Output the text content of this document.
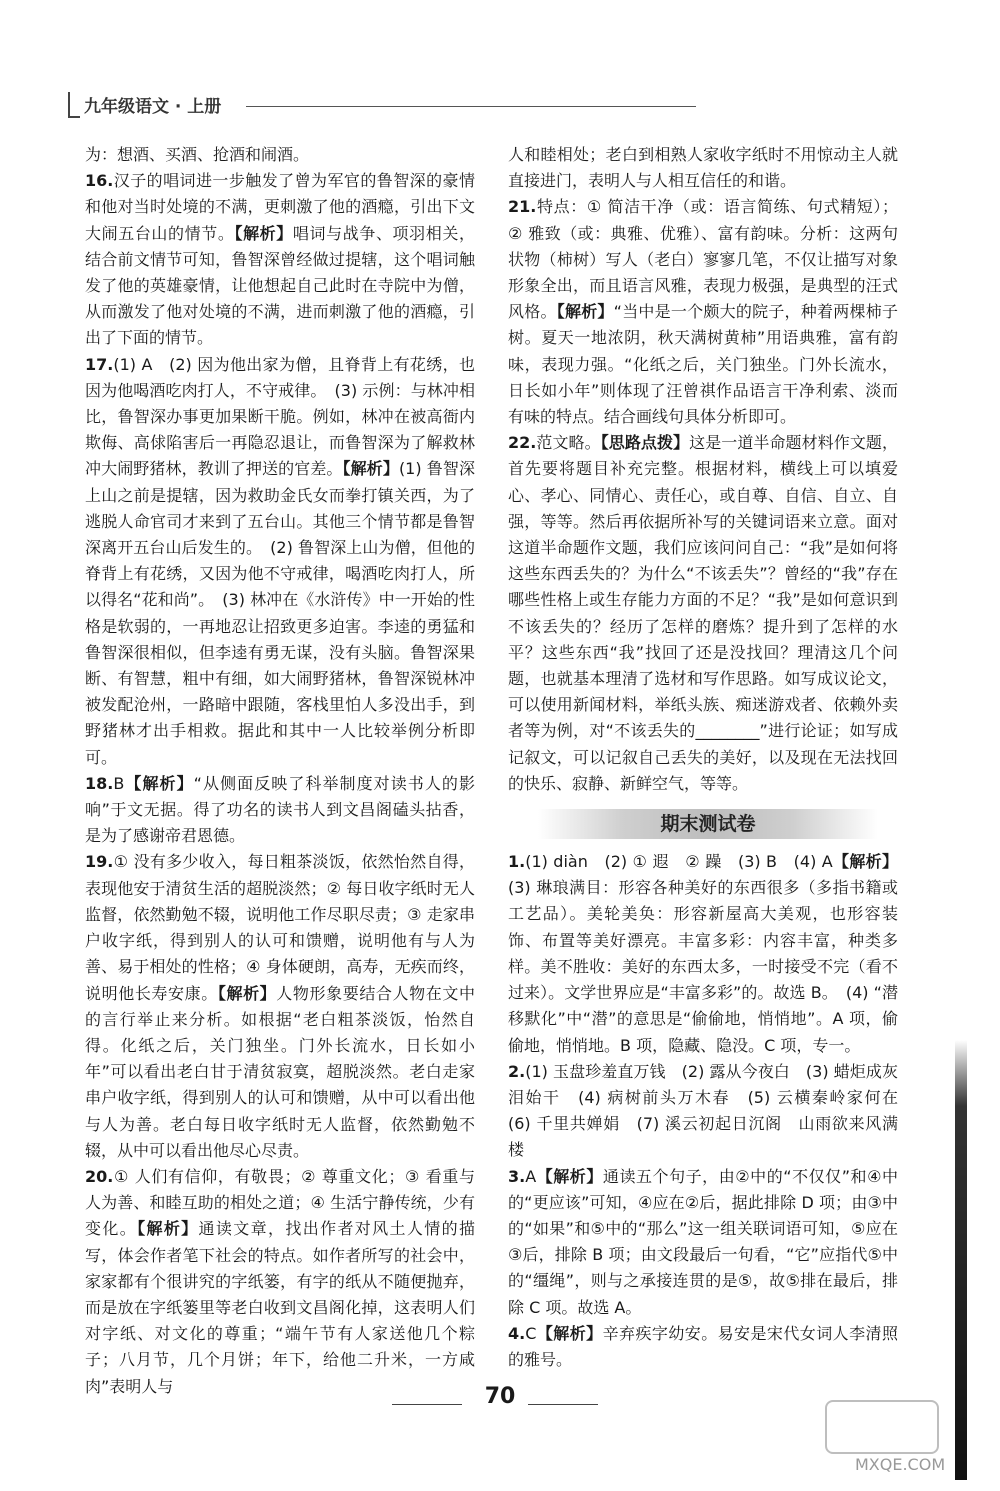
九年级语文 · 上册

为：想酒、买酒、抢酒和闹酒。

16.汉子的唱词进一步触发了曾为军官的鲁智深的豪情和他对当时处境的不满，更刺激了他的酒瘾，引出下文大闹五台山的情节。【解析】唱词与战争、项羽相关，结合前文情节可知，鲁智深曾经做过提辖，这个唱词触发了他的英雄豪情，让他想起自己此时在寺院中为僧，从而激发了他对处境的不满，进而刺激了他的酒瘾，引出了下面的情节。

17.(1) A　(2) 因为他出家为僧，且脊背上有花绣，也因为他喝酒吃肉打人，不守戒律。　(3) 示例：与林冲相比，鲁智深办事更加果断干脆。例如，林冲在被高衙内欺侮、高俅陷害后一再隐忍退让，而鲁智深为了解救林冲大闹野猪林，教训了押送的官差。【解析】(1) 鲁智深上山之前是提辖，因为救助金氏女而拳打镇关西，为了逃脱人命官司才来到了五台山。其他三个情节都是鲁智深离开五台山后发生的。　(2) 鲁智深上山为僧，但他的脊背上有花绣，又因为他不守戒律，喝酒吃肉打人，所以得名“花和尚”。　(3) 林冲在《水浒传》中一开始的性格是软弱的，一再地忍让招致更多迫害。李逵的勇猛和鲁智深很相似，但李逵有勇无谋，没有头脑。鲁智深果断、有智慧，粗中有细，如大闹野猪林，鲁智深锐林冲被发配沧州，一路暗中跟随，客栈里怕人多没出手，到野猪林才出手相救。据此和其中一人比较举例分析即可。

18.B【解析】“从侧面反映了科举制度对读书人的影响”于文无据。得了功名的读书人到文昌阁磕头拈香，是为了感谢帝君恩德。

19.① 没有多少收入，每日粗茶淡饭，依然怡然自得，表现他安于清贫生活的超脱淡然；② 每日收字纸时无人监督，依然勤勉不辍，说明他工作尽职尽责；③ 走家串户收字纸，得到别人的认可和馈赠，说明他有与人为善、易于相处的性格；④ 身体硬朗，高寿，无疾而终，说明他长寿安康。【解析】人物形象要结合人物在文中的言行举止来分析。如根据“老白粗茶淡饭，怡然自得。化纸之后，关门独坐。门外长流水，日长如小年”可以看出老白甘于清贫寂寞，超脱淡然。老白走家串户收字纸，得到别人的认可和馈赠，从中可以看出他与人为善。老白每日收字纸时无人监督，依然勤勉不辍，从中可以看出他尽心尽责。

20.① 人们有信仰，有敬畏；② 尊重文化；③ 看重与人为善、和睦互助的相处之道；④ 生活宁静传统，少有变化。【解析】通读文章，找出作者对风土人情的描写，体会作者笔下社会的特点。如作者所写的社会中，家家都有个很讲究的字纸篓，有字的纸从不随便抛弃，而是放在字纸篓里等老白收到文昌阁化掉，这表明人们对字纸、对文化的尊重；“端午节有人家送他几个粽子；八月节，几个月饼；年下，给他二升米，一方咸肉”表明人与

人和睦相处；老白到相熟人家收字纸时不用惊动主人就直接进门，表明人与人相互信任的和谐。

21.特点：① 简洁干净（或：语言简练、句式精短）；② 雅致（或：典雅、优雅）、富有韵味。分析：这两句状物（柿树）写人（老白）寥寥几笔，不仅让描写对象形象全出，而且语言风雅，表现力极强，是典型的汪式风格。【解析】“当中是一个颇大的院子，种着两棵柿子树。夏天一地浓阴，秋天满树黄柿”用语典雅，富有韵味，表现力强。“化纸之后，关门独坐。门外长流水，日长如小年”则体现了汪曾祺作品语言干净利索、淡而有味的特点。结合画线句具体分析即可。

22.范文略。【思路点拨】这是一道半命题材料作文题，首先要将题目补充完整。根据材料，横线上可以填爱心、孝心、同情心、责任心，或自尊、自信、自立、自强，等等。然后再依据所补写的关键词语来立意。面对这道半命题作文题，我们应该问问自己：“我”是如何将这些东西丢失的？为什么“不该丢失”？曾经的“我”存在哪些性格上或生存能力方面的不足？“我”是如何意识到不该丢失的？经历了怎样的磨炼？提升到了怎样的水平？这些东西“我”找回了还是没找回？理清这几个问题，也就基本理清了选材和写作思路。如写成议论文，可以使用新闻材料，举纸头族、痴迷游戏者、依赖外卖者等为例，对“不该丢失的________”进行论证；如写成记叙文，可以记叙自己丢失的美好，以及现在无法找回的快乐、寂静、新鲜空气，等等。

期末测试卷

1.(1) diàn　(2) ① 遐　② 躁　(3) B　(4) A【解析】(3) 琳琅满目：形容各种美好的东西很多（多指书籍或工艺品）。美轮美奂：形容新屋高大美观，也形容装饰、布置等美好漂亮。丰富多彩：内容丰富，种类多样。美不胜收：美好的东西太多，一时接受不完（看不过来）。文学世界应是“丰富多彩”的。故选 B。　(4) “潜移默化”中“潜”的意思是“偷偷地，悄悄地”。A 项，偷偷地，悄悄地。B 项，隐藏、隐没。C 项，专一。

2.(1) 玉盘珍羞直万钱　(2) 露从今夜白　(3) 蜡炬成灰泪始干　(4) 病树前头万木春　(5) 云横秦岭家何在　(6) 千里共婵娟　(7) 溪云初起日沉阁　山雨欲来风满楼

3.A【解析】通读五个句子，由②中的“不仅仅”和④中的“更应该”可知，④应在②后，据此排除 D 项；由③中的“如果”和⑤中的“那么”这一组关联词语可知，⑤应在③后，排除 B 项；由文段最后一句看，“它”应指代⑤中的“缰绳”，则与之承接连贯的是⑤，故⑤排在最后，排除 C 项。故选 A。

4.C【解析】辛弃疾字幼安。易安是宋代女词人李清照的雅号。

70
MXQE.COM
